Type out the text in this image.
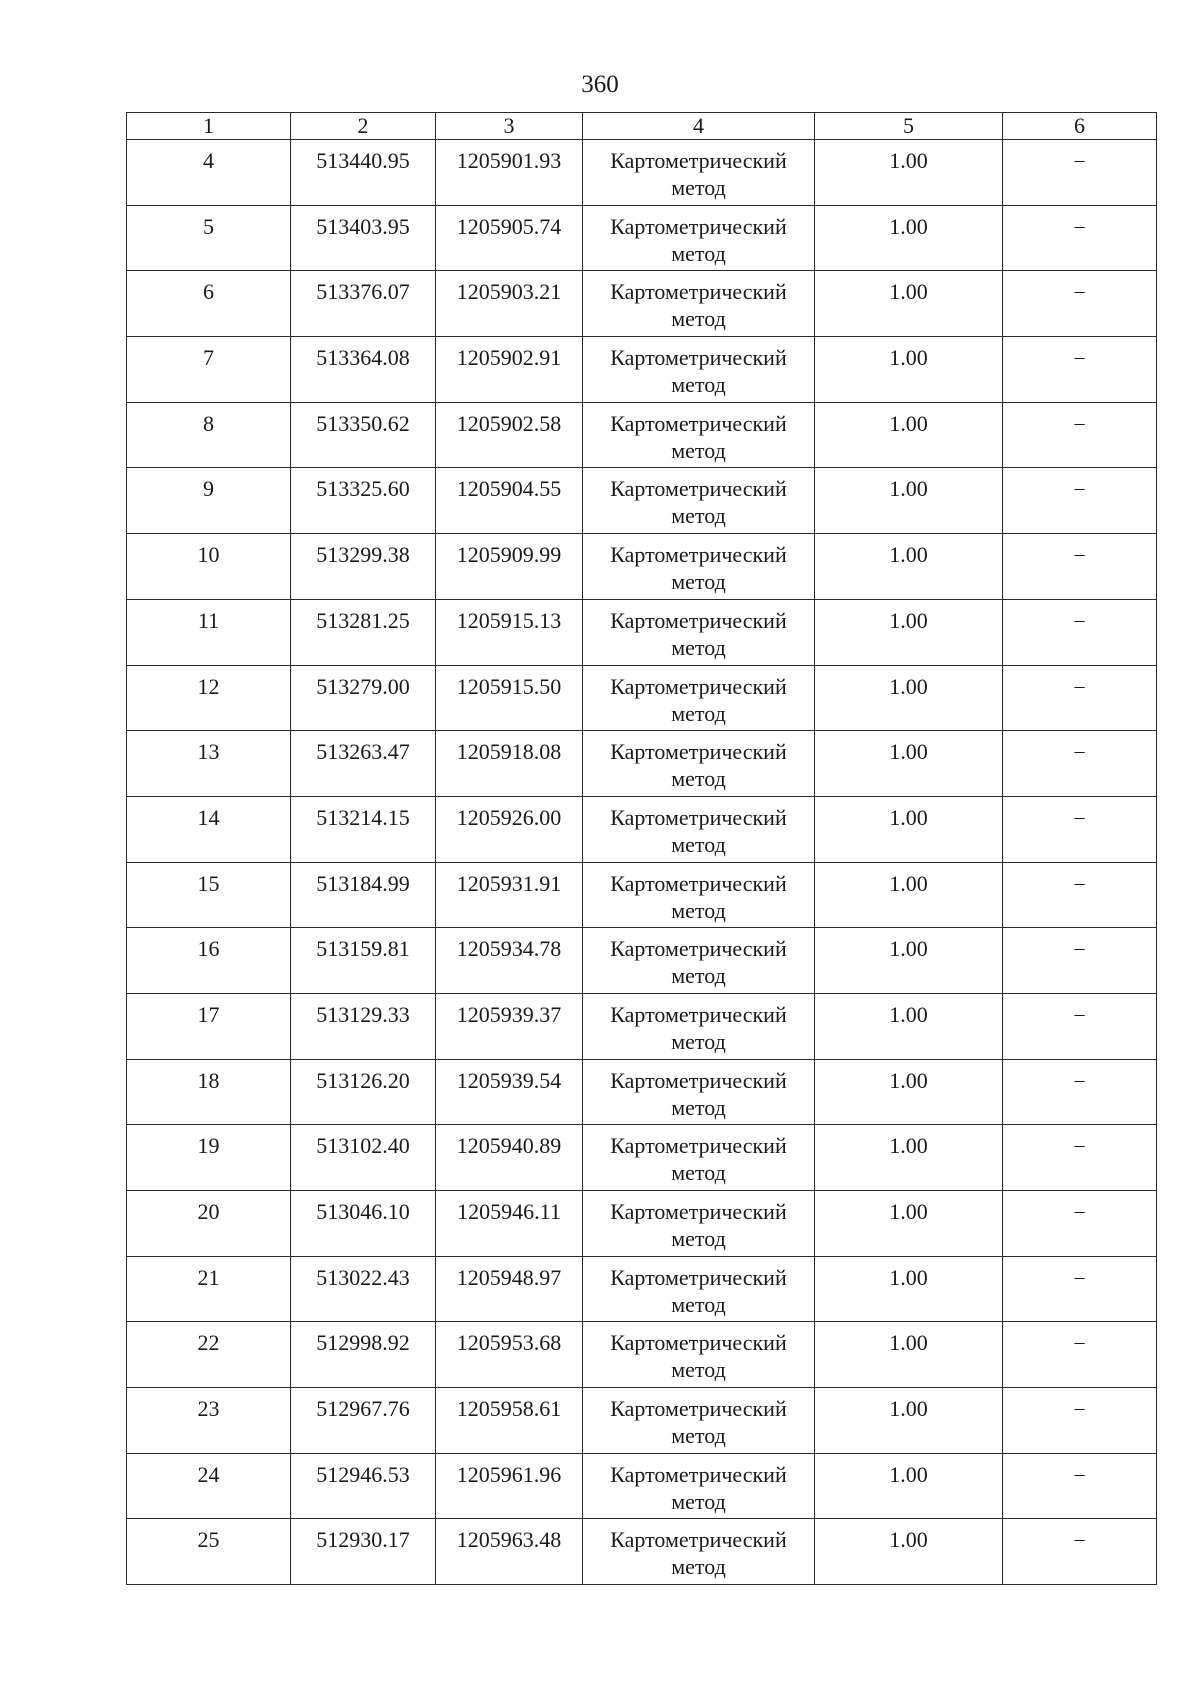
360
1	2	3	4	5	6
4	513440.95	1205901.93	Картометрический метод	1.00	–
5	513403.95	1205905.74	Картометрический метод	1.00	–
6	513376.07	1205903.21	Картометрический метод	1.00	–
7	513364.08	1205902.91	Картометрический метод	1.00	–
8	513350.62	1205902.58	Картометрический метод	1.00	–
9	513325.60	1205904.55	Картометрический метод	1.00	–
10	513299.38	1205909.99	Картометрический метод	1.00	–
11	513281.25	1205915.13	Картометрический метод	1.00	–
12	513279.00	1205915.50	Картометрический метод	1.00	–
13	513263.47	1205918.08	Картометрический метод	1.00	–
14	513214.15	1205926.00	Картометрический метод	1.00	–
15	513184.99	1205931.91	Картометрический метод	1.00	–
16	513159.81	1205934.78	Картометрический метод	1.00	–
17	513129.33	1205939.37	Картометрический метод	1.00	–
18	513126.20	1205939.54	Картометрический метод	1.00	–
19	513102.40	1205940.89	Картометрический метод	1.00	–
20	513046.10	1205946.11	Картометрический метод	1.00	–
21	513022.43	1205948.97	Картометрический метод	1.00	–
22	512998.92	1205953.68	Картометрический метод	1.00	–
23	512967.76	1205958.61	Картометрический метод	1.00	–
24	512946.53	1205961.96	Картометрический метод	1.00	–
25	512930.17	1205963.48	Картометрический метод	1.00	–
